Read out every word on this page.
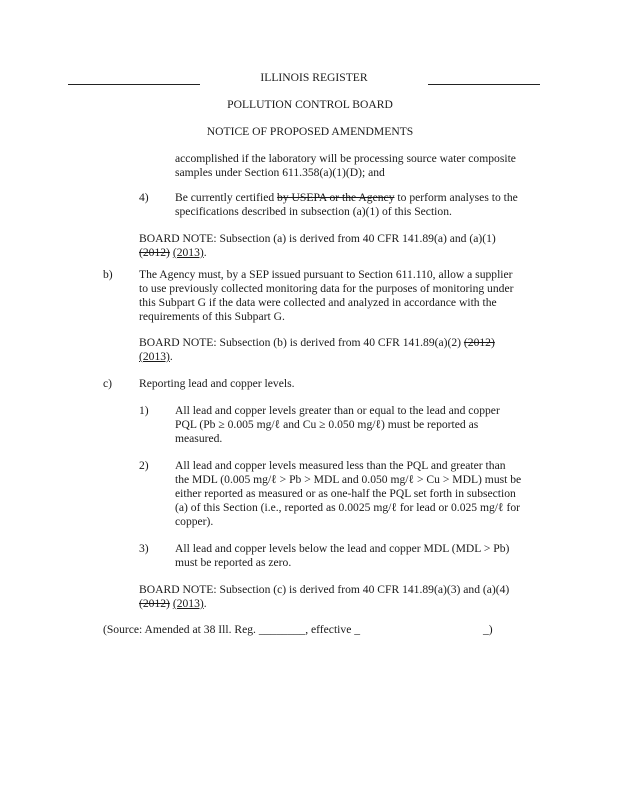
ILLINOIS REGISTER
POLLUTION CONTROL BOARD
NOTICE OF PROPOSED AMENDMENTS
accomplished if the laboratory will be processing source water composite
samples under Section 611.358(a)(1)(D); and
4) Be currently certified by USEPA or the Agency to perform analyses to the
specifications described in subsection (a)(1) of this Section.
BOARD NOTE: Subsection (a) is derived from 40 CFR 141.89(a) and (a)(1)
(2012) (2013).
b) The Agency must, by a SEP issued pursuant to Section 611.110, allow a supplier
to use previously collected monitoring data for the purposes of monitoring under
this Subpart G if the data were collected and analyzed in accordance with the
requirements of this Subpart G.
BOARD NOTE: Subsection (b) is derived from 40 CFR 141.89(a)(2) (2012)
(2013).
c) Reporting lead and copper levels.
1) All lead and copper levels greater than or equal to the lead and copper
PQL (Pb ≥ 0.005 mg/ℓ and Cu ≥ 0.050 mg/ℓ) must be reported as
measured.
2) All lead and copper levels measured less than the PQL and greater than
the MDL (0.005 mg/ℓ > Pb > MDL and 0.050 mg/ℓ > Cu > MDL) must be
either reported as measured or as one-half the PQL set forth in subsection
(a) of this Section (i.e., reported as 0.0025 mg/ℓ for lead or 0.025 mg/ℓ for
copper).
3) All lead and copper levels below the lead and copper MDL (MDL > Pb)
must be reported as zero.
BOARD NOTE: Subsection (c) is derived from 40 CFR 141.89(a)(3) and (a)(4)
(2012) (2013).
(Source: Amended at 38 Ill. Reg. ________, effective _	_)
